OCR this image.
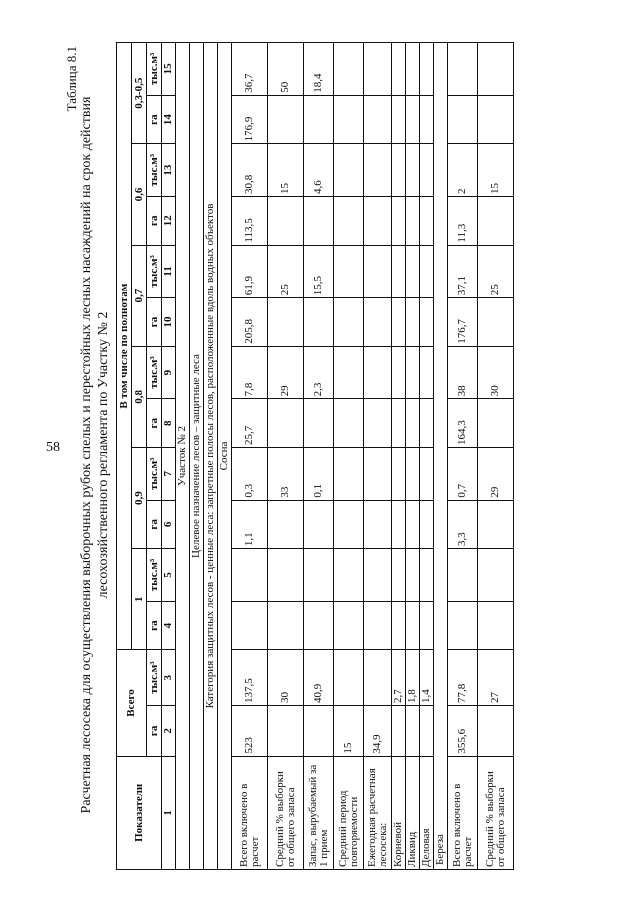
58
Таблица 8.1
Расчетная лесосека для осуществления выборочных рубок спелых и перестойных лесных насаждений на срок действия лесохозяйственного регламента по Участку № 2
Показатели	Всего		В том числе по полнотам											
			1		0,9		0,8		0,7		0,6		0,3-0,5	
	га	тыс.м³	га	тыс.м³	га	тыс.м³	га	тыс.м³	га	тыс.м³	га	тыс.м³	га	тыс.м³
1	2	3	4	5	6	7	8	9	10	11	12	13	14	15
Участок № 2														
Целевое назначение лесов – защитные леса														
Категория защитных лесов - ценные леса: запретные полосы лесов, расположенные вдоль водных объектов														
Сосна														
Всего включено в расчет	523	137,5			1,1	0,3	25,7	7,8	205,8	61,9	113,5	30,8	176,9	36,7
Средний % выборки от общего запаса		30				33		29		25		15		50
Запас, вырубаемый за 1 прием		40,9				0,1		2,3		15,5		4,6		18,4
Средний период повторяемости	15													
Ежегодная расчетная лесосека:	34,9													
Корневой		2,7												
Ликвид		1,8												
Деловая		1,4												
Береза														
Всего включено в расчет	355,6	77,8			3,3	0,7	164,3	38	176,7	37,1	11,3	2		
Средний % выборки от общего запаса		27				29		30		25		15		
